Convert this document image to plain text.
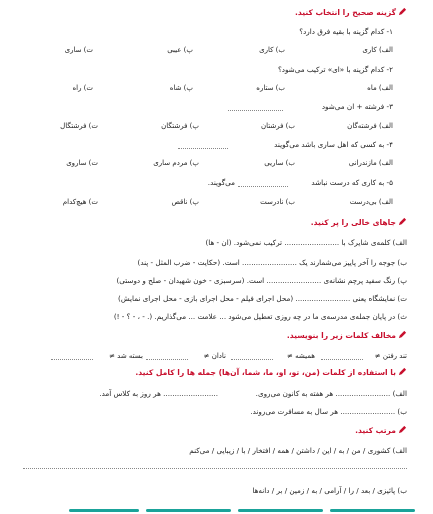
گزینه صحیح را انتخاب کنید.
۱- کدام گزینه با بقیه فرق دارد؟
الف) کاری
ب) کاری
پ) عیبی
ت) ساری
۲- کدام گزینه با «ای» ترکیب می‌شود؟
الف) ماه
ب) ستاره
پ) شاه
ت) راه
۳- فرشته + ان می‌شود
الف) فرشته‌گان
ب) فرشتان
پ) فرشتگان
ت) فرشتگال
۴- به کسی که اهل ساری باشد می‌گویند
الف) مازندرانی
ب) ساریی
پ) مردم ساری
ت) ساروی
۵- به کاری که درست نباشد
می‌گویند.
الف) بی‌درست
ب) نادرست
پ) ناقص
ت) هیچ‌کدام
جاهای خالی را پر کنید.
الف) کلمه‌ی شایرک با ........................ ترکیب نمی‌شود. (ان - ها)
ب) جوجه را آخر پاییز می‌شمارند یک ........................ است. (حکایت - ضرب المثل - پند)
پ) رنگ سفید پرچم نشانه‌ی ........................ است. (سرسبزی - خون شهیدان - صلح و دوستی)
ت) نمایشگاه یعنی ........................ (محل اجرای فیلم - محل اجرای بازی - محل اجرای نمایش)
ث) در پایان جمله‌ی مدرسه‌ی ما در چه روزی تعطیل می‌شود ... علامت ... می‌گذاریم. (. - ، - ؟ - !)
مخالف کلمات زیر را بنویسید.
تند رفتن ≠
همیشه ≠
نادان ≠
بسته شد ≠
با استفاده از کلمات (من، تو، او، ما، شما، آن‌ها) جمله ها را کامل کنید.
الف) ........................ هر هفته به کانون می‌روی.
........................ هر روز به کلاس آمد.
ب) ........................ هر سال به مسافرت می‌روند.
مرتب کنید.
الف) کشوری / من / به / این / داشتن / همه / افتخار / با / زیبایی / می‌کنم
ب) پائیزی / بعد / را / آرامی / به / زمین / بر / دانه‌ها
